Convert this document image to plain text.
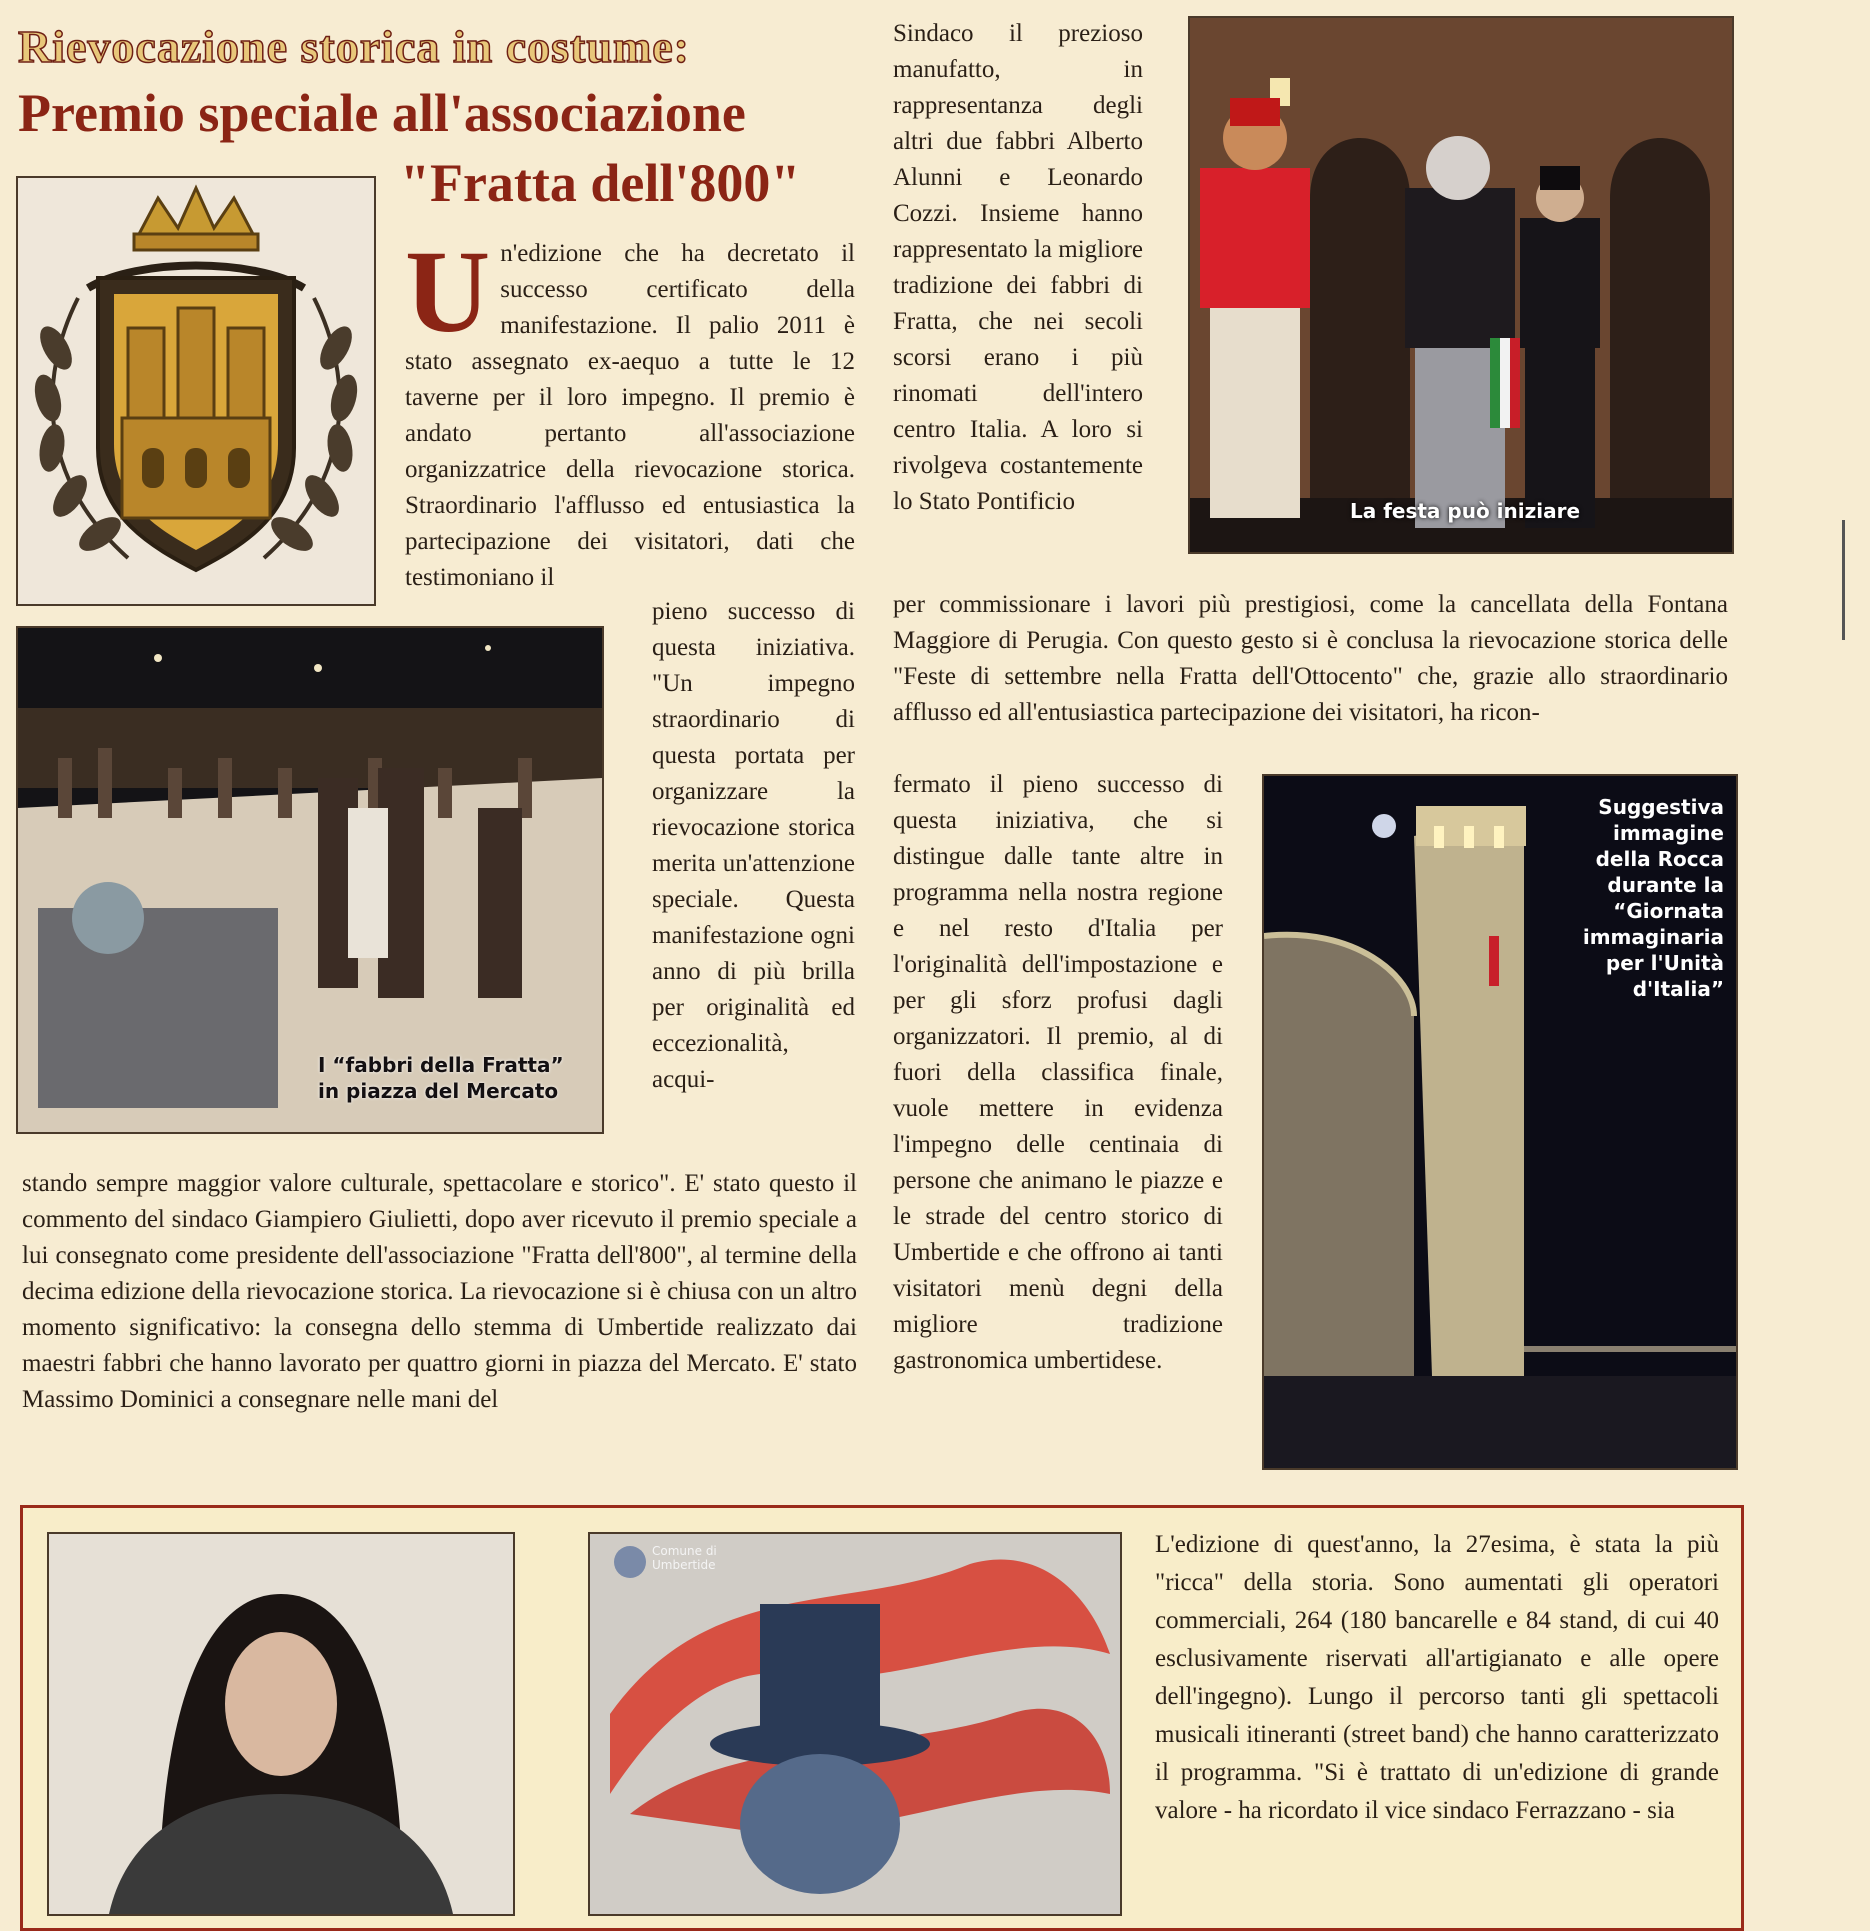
Rievocazione storica in costume:
Premio speciale all'associazione
"Fratta dell'800"
Un'edizione che ha decretato il successo certificato della manifestazione. Il palio 2011 è stato assegnato ex-aequo a tutte le 12 taverne per il loro impegno. Il premio è andato pertanto all'associazione organizzatrice della rievocazione storica. Straordinario l'afflusso ed entusiastica la partecipazione dei visitatori, dati che testimoniano il
I “fabbri della Fratta”
in piazza del Mercato
pieno successo di questa iniziativa. "Un impegno straordinario di questa portata per organizzare la rievocazione storica merita un'attenzione speciale. Questa manifestazione ogni anno di più brilla per originalità ed eccezionalità, acqui-
stando sempre maggior valore culturale, spettacolare e storico". E' stato questo il commento del sindaco Giampiero Giulietti, dopo aver ricevuto il premio speciale a lui consegnato come presidente dell'associazione "Fratta dell'800", al termine della decima edizione della rievocazione storica. La rievocazione si è chiusa con un altro momento significativo: la consegna dello stemma di Umbertide realizzato dai maestri fabbri che hanno lavorato per quattro giorni in piazza del Mercato. E' stato Massimo Dominici a consegnare nelle mani del
Sindaco il prezioso manufatto, in rappresentanza degli altri due fabbri Alberto Alunni e Leonardo Cozzi. Insieme hanno rappresentato la migliore tradizione dei fabbri di Fratta, che nei secoli scorsi erano i più rinomati dell'intero centro Italia. A loro si rivolgeva costantemente lo Stato Pontificio	La festa può iniziare
per commissionare i lavori più prestigiosi, come la cancellata della Fontana Maggiore di Perugia. Con questo gesto si è conclusa la rievocazione storica delle "Feste di settembre nella Fratta dell'Ottocento" che, grazie allo straordinario afflusso ed all'entusiastica partecipazione dei visitatori, ha ricon-
fermato il pieno successo di questa iniziativa, che si distingue dalle tante altre in programma nella nostra regione e nel resto d'Italia per l'originalità dell'impostazione e per gli sforz profusi dagli organizzatori. Il premio, al di fuori della classifica finale, vuole mettere in evidenza l'impegno delle centinaia di persone che animano le piazze e le strade del centro storico di Umbertide e che offrono ai tanti visitatori menù degni della migliore tradizione gastronomica umbertidese.
Suggestiva immagine della Rocca durante la “Giornata immaginaria per l'Unità d'Italia”
Comune di Umbertide
L'edizione di quest'anno, la 27esima, è stata la più "ricca" della storia. Sono aumentati gli operatori commerciali, 264 (180 bancarelle e 84 stand, di cui 40 esclusivamente riservati all'artigianato e alle opere dell'ingegno). Lungo il percorso tanti gli spettacoli musicali itineranti (street band) che hanno caratterizzato il programma. "Si è trattato di un'edizione di grande valore - ha ricordato il vice sindaco Ferrazzano - sia
